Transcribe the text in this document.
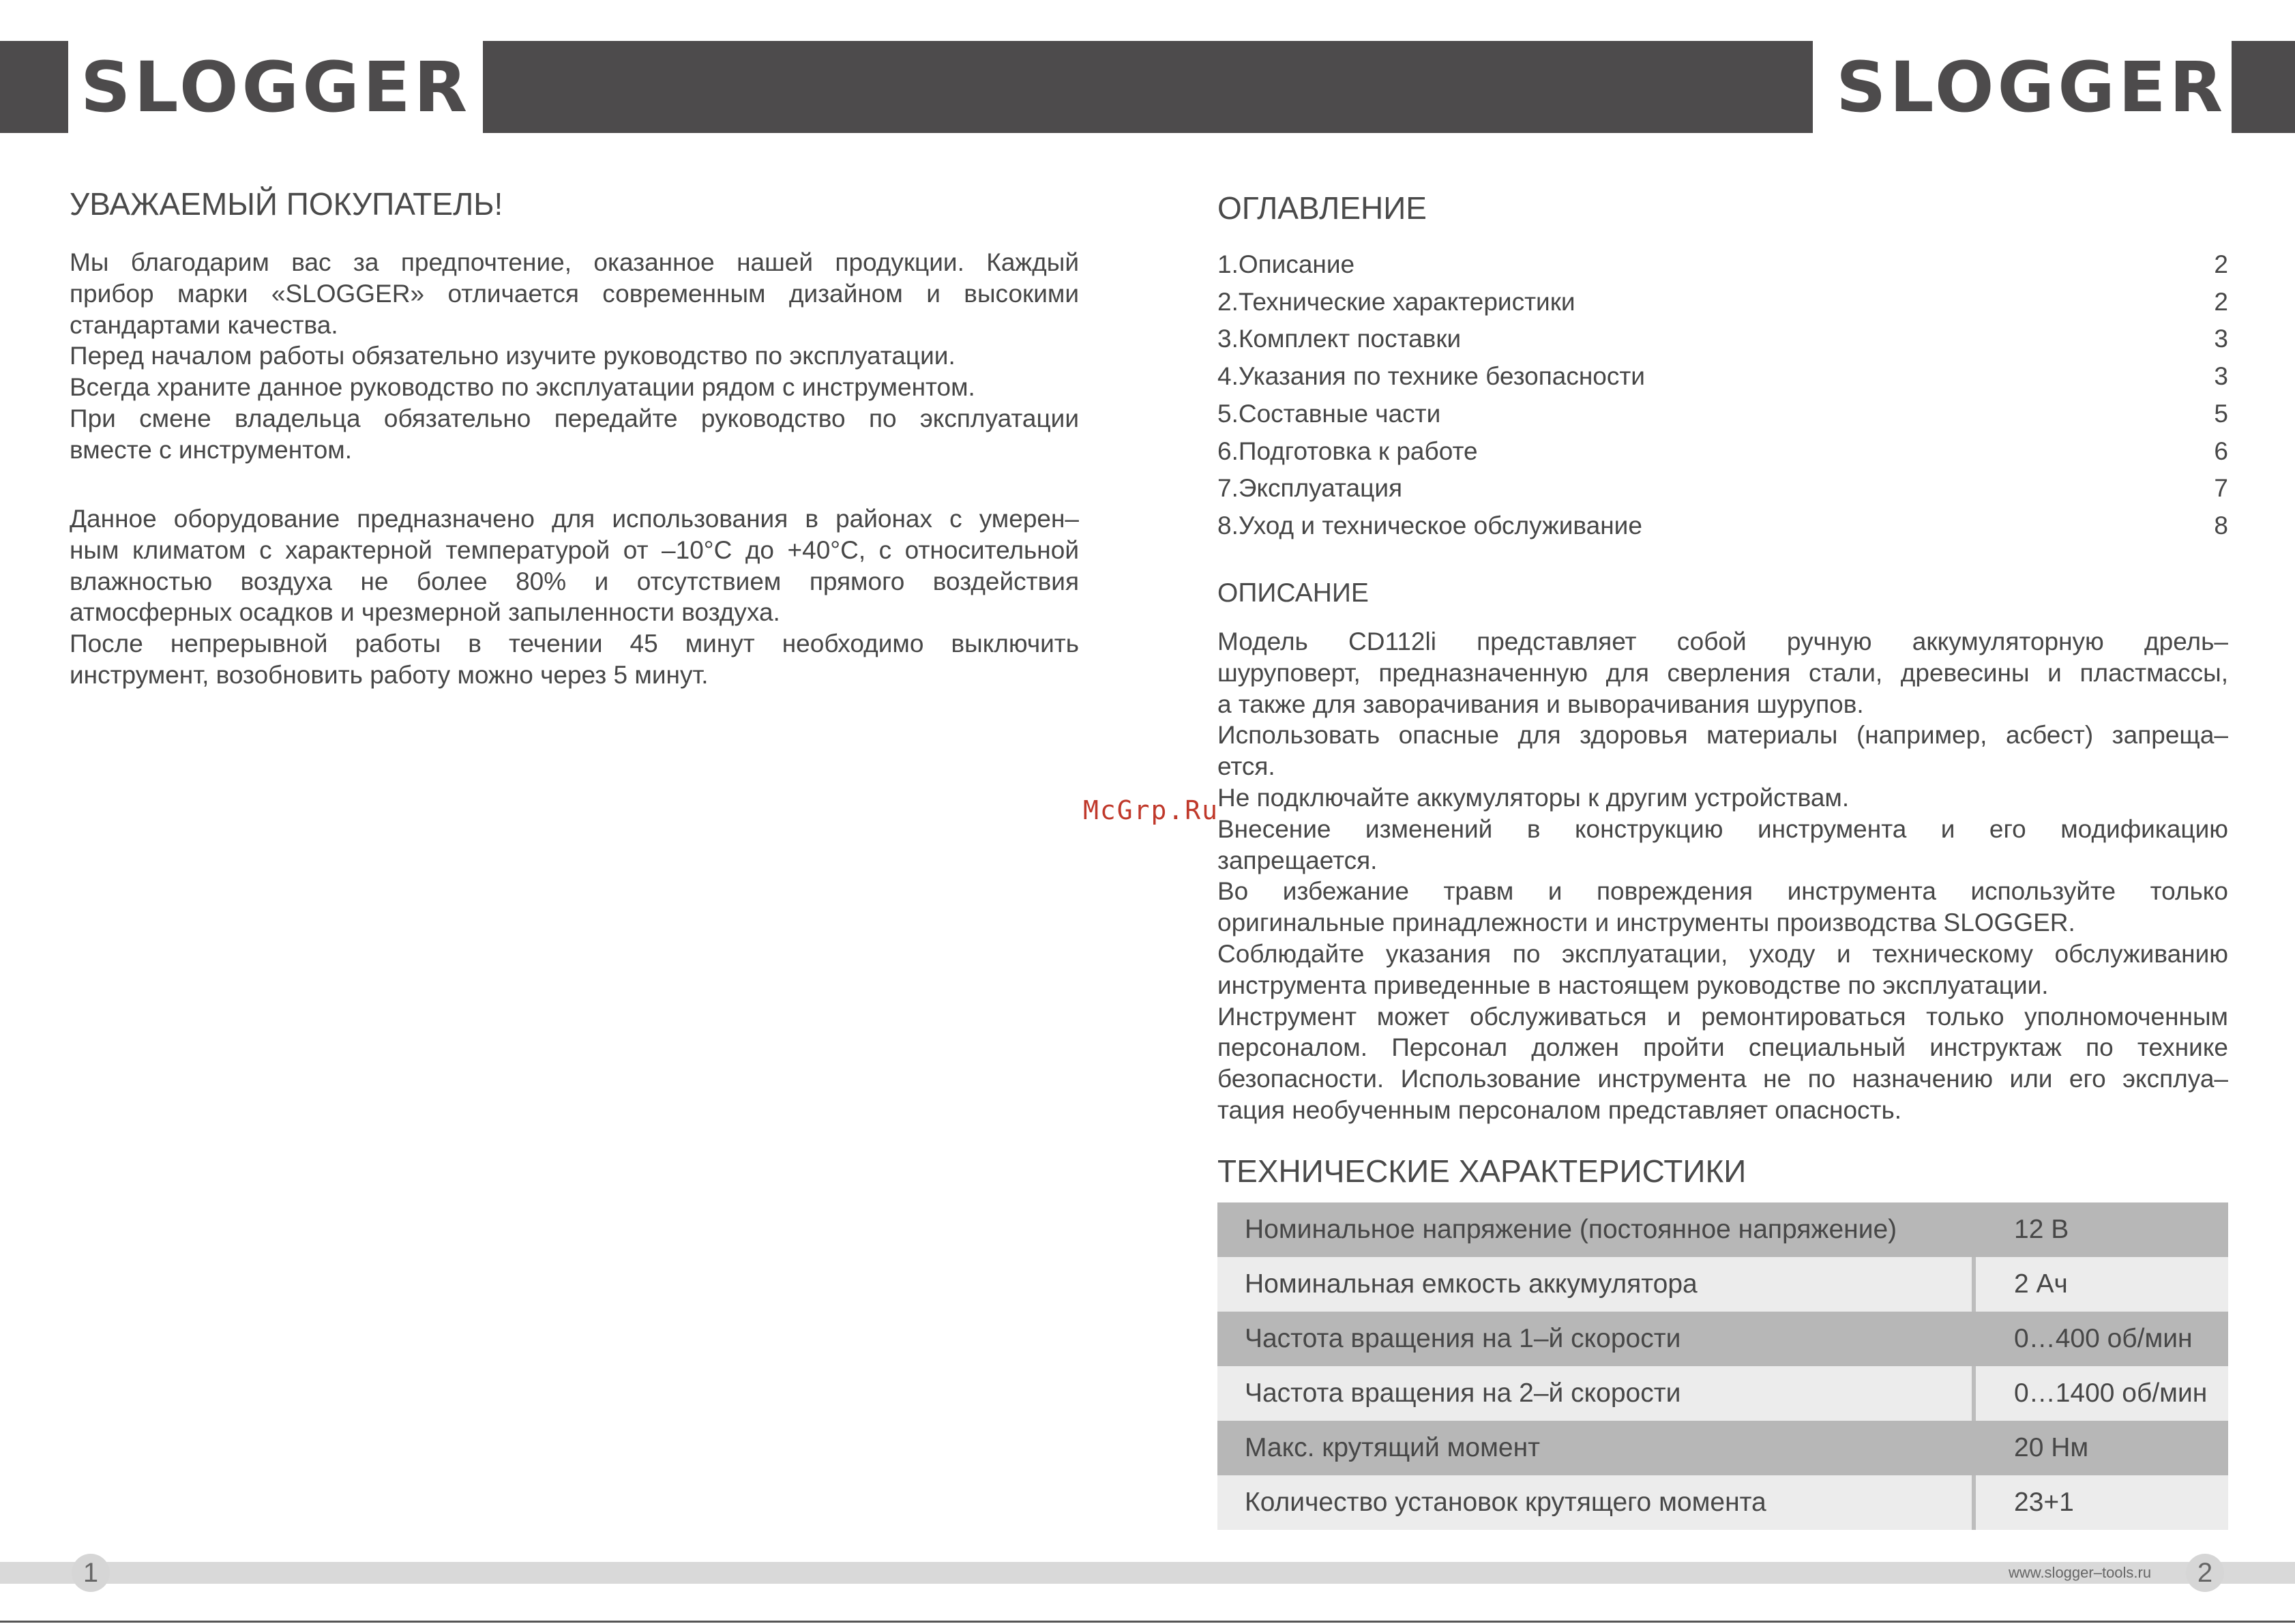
SLOGGER	SLOGGER
УВАЖАЕМЫЙ ПОКУПАТЕЛЬ!

Мы благодарим вас за предпочтение, оказанное нашей продукции. Каждый

прибор марки «SLOGGER» отличается современным дизайном и высокими

стандартами качества.

Перед началом работы обязательно изучите руководство по эксплуатации.

Всегда храните данное руководство по эксплуатации рядом с инструментом.

При смене владельца обязательно передайте руководство по эксплуатации

вместе с инструментом.

Данное оборудование предназначено для использования в районах с умерен–

ным климатом с характерной температурой от –10°С до +40°С, с относительной

влажностью воздуха не более 80% и отсутствием прямого воздействия

атмосферных осадков и чрезмерной запыленности воздуха.

После непрерывной работы в течении 45 минут необходимо выключить

инструмент, возобновить работу можно через 5 минут.

McGrp.Ru
ОГЛАВЛЕНИЕ
1.Описание	2
2.Технические характеристики	2
3.Комплект поставки	3
4.Указания по технике безопасности	3
5.Составные части	5
6.Подготовка к работе	6
7.Эксплуатация	7
8.Уход и техническое обслуживание	8
ОПИСАНИЕ

Модель CD112li представляет собой ручную аккумуляторную дрель–

шуруповерт, предназначенную для сверления стали, древесины и пластмассы,

а также для заворачивания и выворачивания шурупов.

Использовать опасные для здоровья материалы (например, асбест) запреща–

ется.

Не подключайте аккумуляторы к другим устройствам.

Внесение изменений в конструкцию инструмента и его модификацию

запрещается.

Во избежание травм и повреждения инструмента используйте только

оригинальные принадлежности и инструменты производства SLOGGER.

Соблюдайте указания по эксплуатации, уходу и техническому обслуживанию

инструмента приведенные в настоящем руководстве по эксплуатации.

Инструмент может обслуживаться и ремонтироваться только уполномоченным

персоналом. Персонал должен пройти специальный инструктаж по технике

безопасности. Использование инструмента не по назначению или его эксплуа–

тация необученным персоналом представляет опасность.

ТЕХНИЧЕСКИЕ ХАРАКТЕРИСТИКИ
Номинальное напряжение (постоянное напряжение)	12 В
Номинальная емкость аккумулятора	2 Ач
Частота вращения на 1–й скорости	0…400 об/мин
Частота вращения на 2–й скорости	0…1400 об/мин
Макс. крутящий момент	20 Нм
Количество установок крутящего момента	23+1
1	2
www.slogger–tools.ru
